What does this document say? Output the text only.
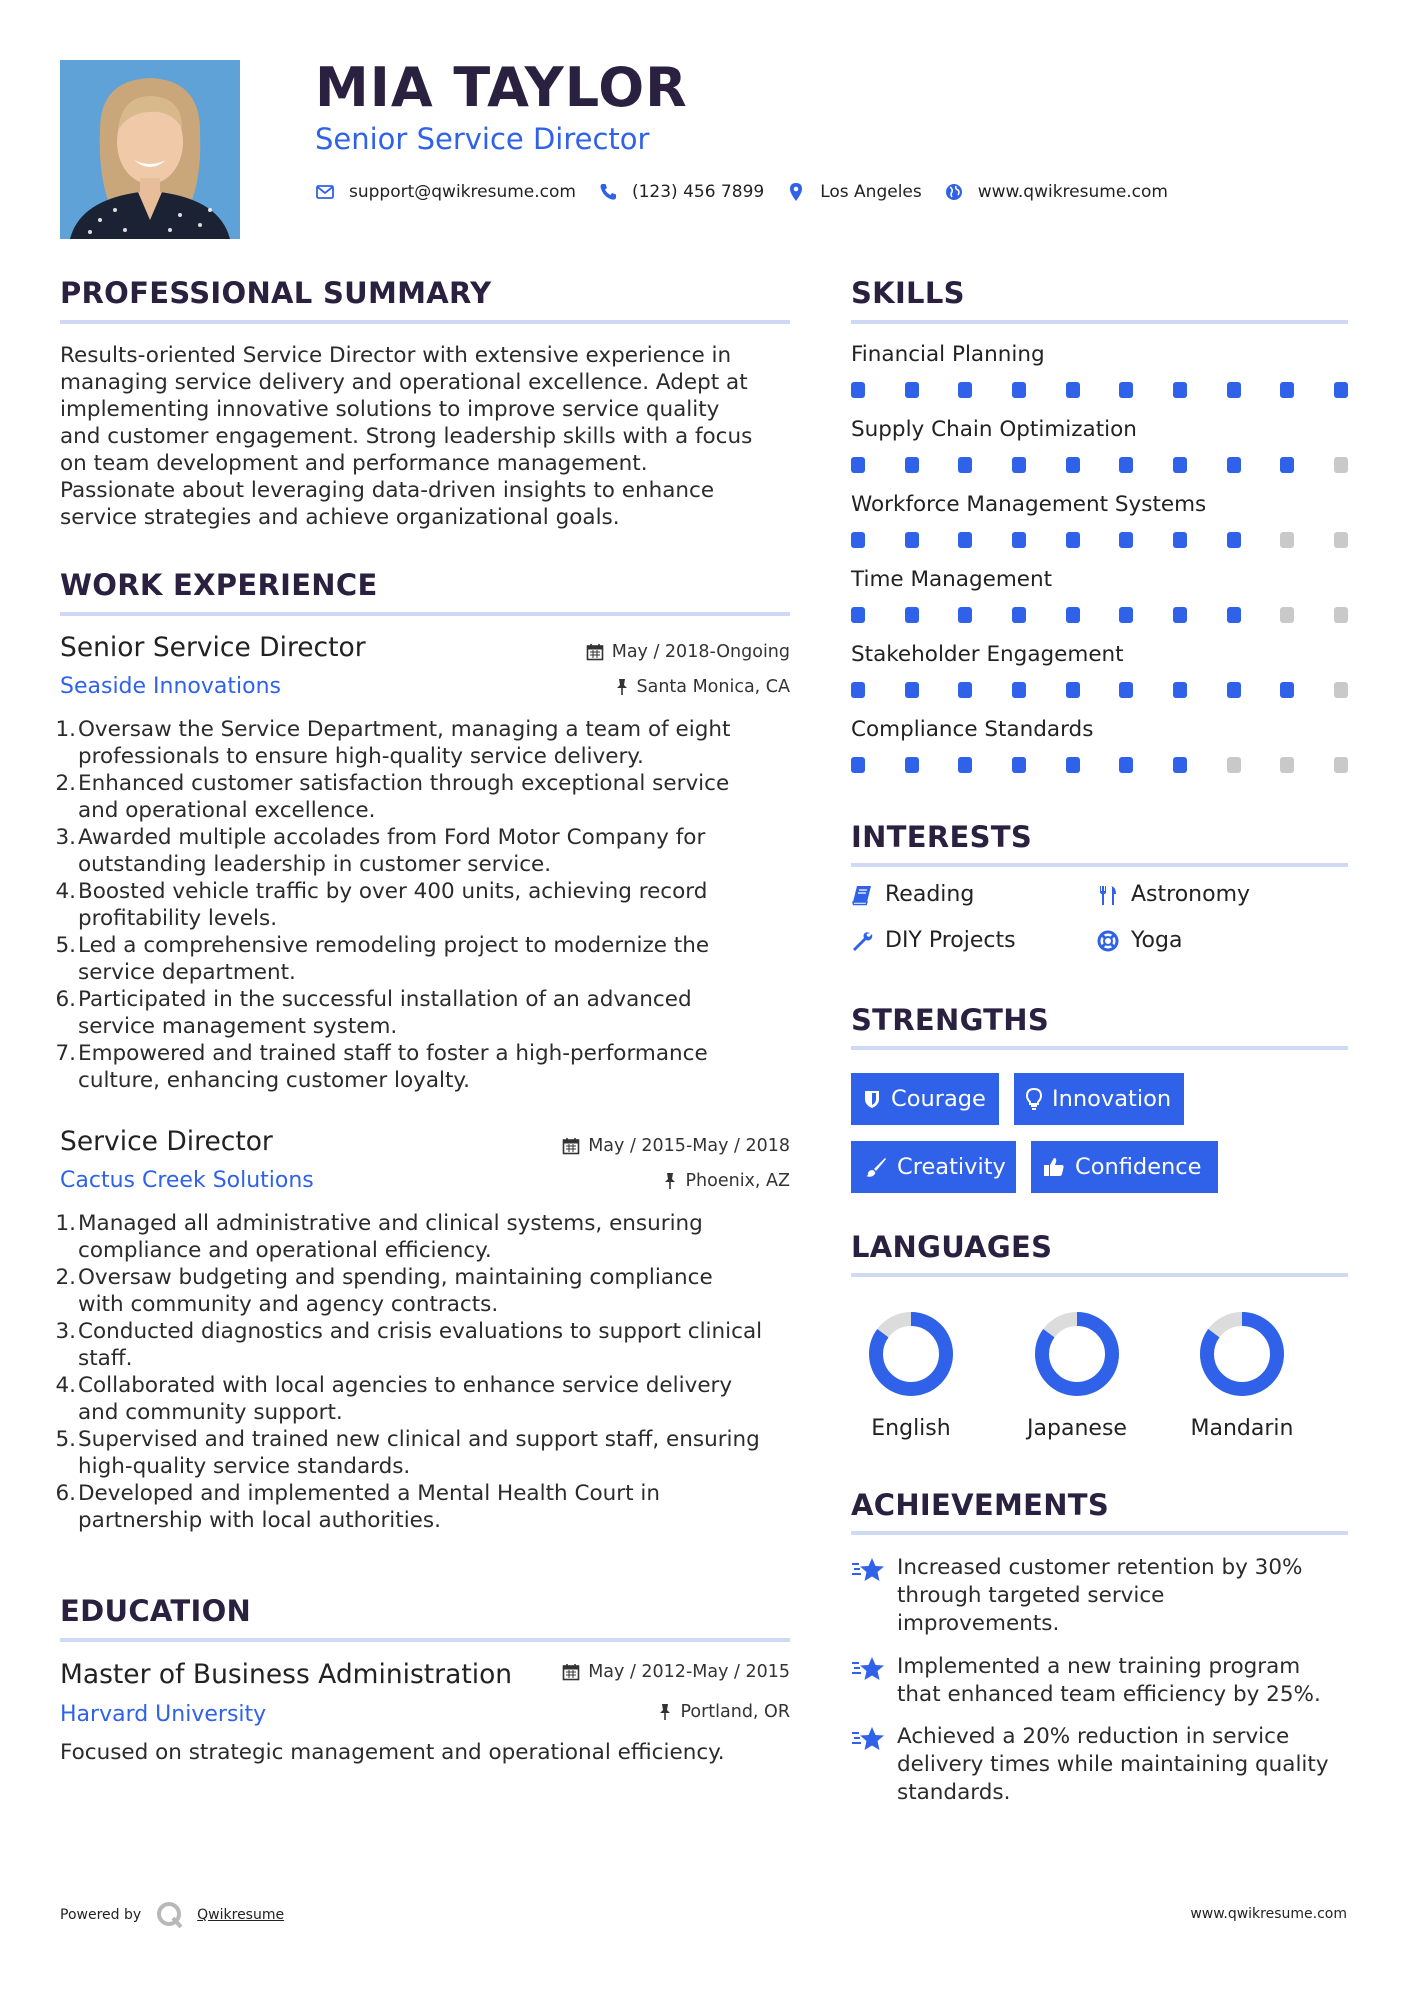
MIA TAYLOR
Senior Service Director
support@qwikresume.com	(123) 456 7899	Los Angeles	www.qwikresume.com
PROFESSIONAL SUMMARY
Results-oriented Service Director with extensive experience in
managing service delivery and operational excellence. Adept at
implementing innovative solutions to improve service quality
and customer engagement. Strong leadership skills with a focus
on team development and performance management.
Passionate about leveraging data-driven insights to enhance
service strategies and achieve organizational goals.
WORK EXPERIENCE
Senior Service Director	May / 2018-Ongoing
Seaside Innovations	Santa Monica, CA
1. Oversaw the Service Department, managing a team of eight
professionals to ensure high-quality service delivery.
2. Enhanced customer satisfaction through exceptional service
and operational excellence.
3. Awarded multiple accolades from Ford Motor Company for
outstanding leadership in customer service.
4. Boosted vehicle traffic by over 400 units, achieving record
profitability levels.
5. Led a comprehensive remodeling project to modernize the
service department.
6. Participated in the successful installation of an advanced
service management system.
7. Empowered and trained staff to foster a high-performance
culture, enhancing customer loyalty.
Service Director	May / 2015-May / 2018
Cactus Creek Solutions	Phoenix, AZ
1. Managed all administrative and clinical systems, ensuring
compliance and operational efficiency.
2. Oversaw budgeting and spending, maintaining compliance
with community and agency contracts.
3. Conducted diagnostics and crisis evaluations to support clinical
staff.
4. Collaborated with local agencies to enhance service delivery
and community support.
5. Supervised and trained new clinical and support staff, ensuring
high-quality service standards.
6. Developed and implemented a Mental Health Court in
partnership with local authorities.
EDUCATION
Master of Business Administration	May / 2012-May / 2015
Harvard University	Portland, OR
Focused on strategic management and operational efficiency.
SKILLS
Financial Planning
Supply Chain Optimization
Workforce Management Systems
Time Management
Stakeholder Engagement
Compliance Standards
INTERESTS
Reading	Astronomy
DIY Projects	Yoga
STRENGTHS
Courage	Innovation
Creativity	Confidence
LANGUAGES
English	Japanese	Mandarin
ACHIEVEMENTS
Increased customer retention by 30%
through targeted service
improvements.
Implemented a new training program
that enhanced team efficiency by 25%.
Achieved a 20% reduction in service
delivery times while maintaining quality
standards.
Powered by	Qwikresume	www.qwikresume.com
